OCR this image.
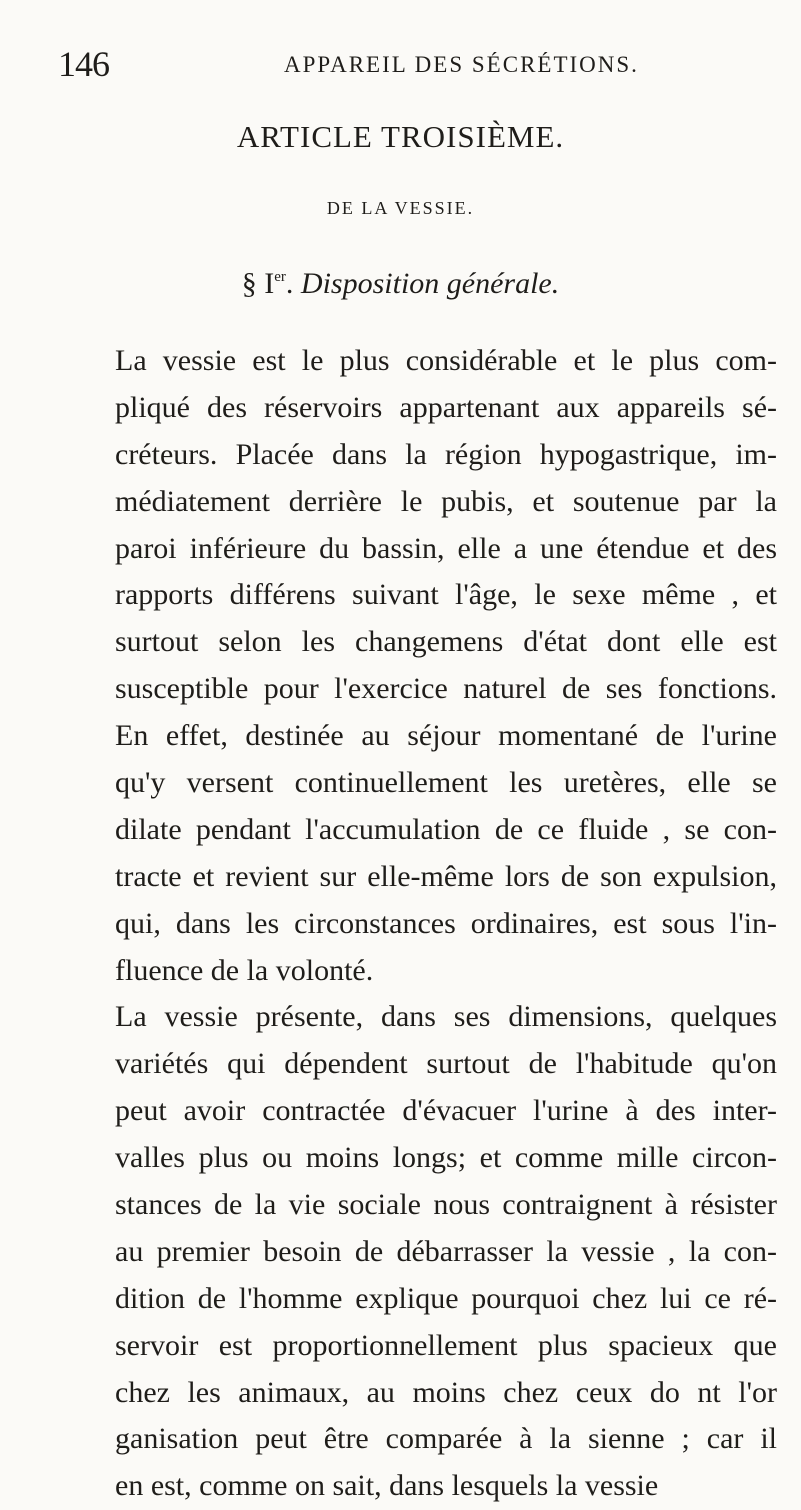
146	APPAREIL DES SÉCRÉTIONS.
ARTICLE TROISIÈME.
DE LA VESSIE.
§ Ier. Disposition générale.
La vessie est le plus considérable et le plus com-
pliqué des réservoirs appartenant aux appareils sé-
créteurs. Placée dans la région hypogastrique, im-
médiatement derrière le pubis, et soutenue par la
paroi inférieure du bassin, elle a une étendue et des
rapports différens suivant l'âge, le sexe même , et
surtout selon les changemens d'état dont elle est
susceptible pour l'exercice naturel de ses fonctions.
En effet, destinée au séjour momentané de l'urine
qu'y versent continuellement les uretères, elle se
dilate pendant l'accumulation de ce fluide , se con-
tracte et revient sur elle-même lors de son expulsion,
qui, dans les circonstances ordinaires, est sous l'in-
fluence de la volonté.
La vessie présente, dans ses dimensions, quelques
variétés qui dépendent surtout de l'habitude qu'on
peut avoir contractée d'évacuer l'urine à des inter-
valles plus ou moins longs; et comme mille circon-
stances de la vie sociale nous contraignent à résister
au premier besoin de débarrasser la vessie , la con-
dition de l'homme explique pourquoi chez lui ce ré-
servoir est proportionnellement plus spacieux que
chez les animaux, au moins chez ceux do nt l'or
ganisation peut être comparée à la sienne ; car il
en est, comme on sait, dans lesquels la vessie
